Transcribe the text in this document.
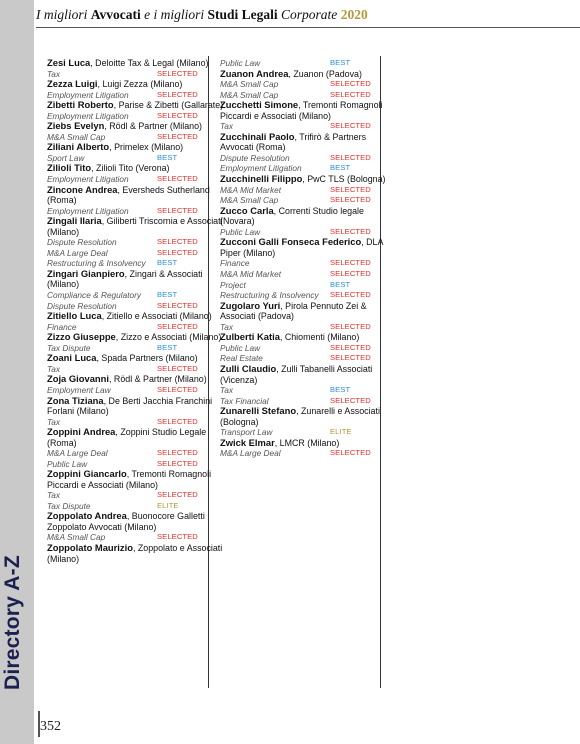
Directory A-Z
I migliori Avvocati e i migliori Studi Legali Corporate 2020
Zesi Luca, Deloitte Tax & Legal (Milano)
Tax	SELECTED
Zezza Luigi, Luigi Zezza (Milano)
Employment Litigation	SELECTED
Zibetti Roberto, Parise & Zibetti (Gallarate)
Employment Litigation	SELECTED
Ziebs Evelyn, Rödl & Partner (Milano)
M&A Small Cap	SELECTED
Ziliani Alberto, Primelex (Milano)
Sport Law	BEST
Zilioli Tito, Zilioli Tito (Verona)
Employment Litigation	SELECTED
Zincone Andrea, Eversheds Sutherland (Roma)
Employment Litigation	SELECTED
Zingali Ilaria, Giliberti Triscornia e Associati (Milano)
Dispute Resolution	SELECTED
M&A Large Deal	SELECTED
Restructuring & Insolvency BEST
Zingari Gianpiero, Zingari & Associati (Milano)
Compliance & Regulatory BEST
Dispute Resolution	SELECTED
Zitiello Luca, Zitiello e Associati (Milano)
Finance	SELECTED
Zizzo Giuseppe, Zizzo e Associati (Milano)
Tax Dispute	BEST
Zoani Luca, Spada Partners (Milano)
Tax	SELECTED
Zoja Giovanni, Rödl & Partner (Milano)
Employment Law	SELECTED
Zona Tiziana, De Berti Jacchia Franchini Forlani (Milano)
Tax	SELECTED
Zoppini Andrea, Zoppini Studio Legale (Roma)
M&A Large Deal	SELECTED
Public Law	SELECTED
Zoppini Giancarlo, Tremonti Romagnoli Piccardi e Associati (Milano)
Tax	SELECTED
Tax Dispute	ELITE
Zoppolato Andrea, Buonocore Galletti Zoppolato Avvocati (Milano)
M&A Small Cap	SELECTED
Zoppolato Maurizio, Zoppolato e Associati (Milano)
Public Law	BEST
Zuanon Andrea, Zuanon (Padova)
M&A Small Cap	SELECTED
M&A Small Cap	SELECTED
Zucchetti Simone, Tremonti Romagnoli Piccardi e Associati (Milano)
Tax	SELECTED
Zucchinali Paolo, Trifirò & Partners Avvocati (Roma)
Dispute Resolution	SELECTED
Employment Litigation	BEST
Zucchinelli Filippo, PwC TLS (Bologna)
M&A Mid Market	SELECTED
M&A Small Cap	SELECTED
Zucco Carla, Correnti Studio legale (Novara)
Public Law	SELECTED
Zucconi Galli Fonseca Federico, DLA Piper (Milano)
Finance	SELECTED
M&A Mid Market	SELECTED
Project	BEST
Restructuring & Insolvency SELECTED
Zugolaro Yuri, Pirola Pennuto Zei & Associati (Padova)
Tax	SELECTED
Zulberti Katia, Chiomenti (Milano)
Public Law	SELECTED
Real Estate	SELECTED
Zulli Claudio, Zulli Tabanelli Associati (Vicenza)
Tax	BEST
Tax Financial	SELECTED
Zunarelli Stefano, Zunarelli e Associati (Bologna)
Transport Law	ELITE
Zwick Elmar, LMCR (Milano)
M&A Large Deal	SELECTED
352
